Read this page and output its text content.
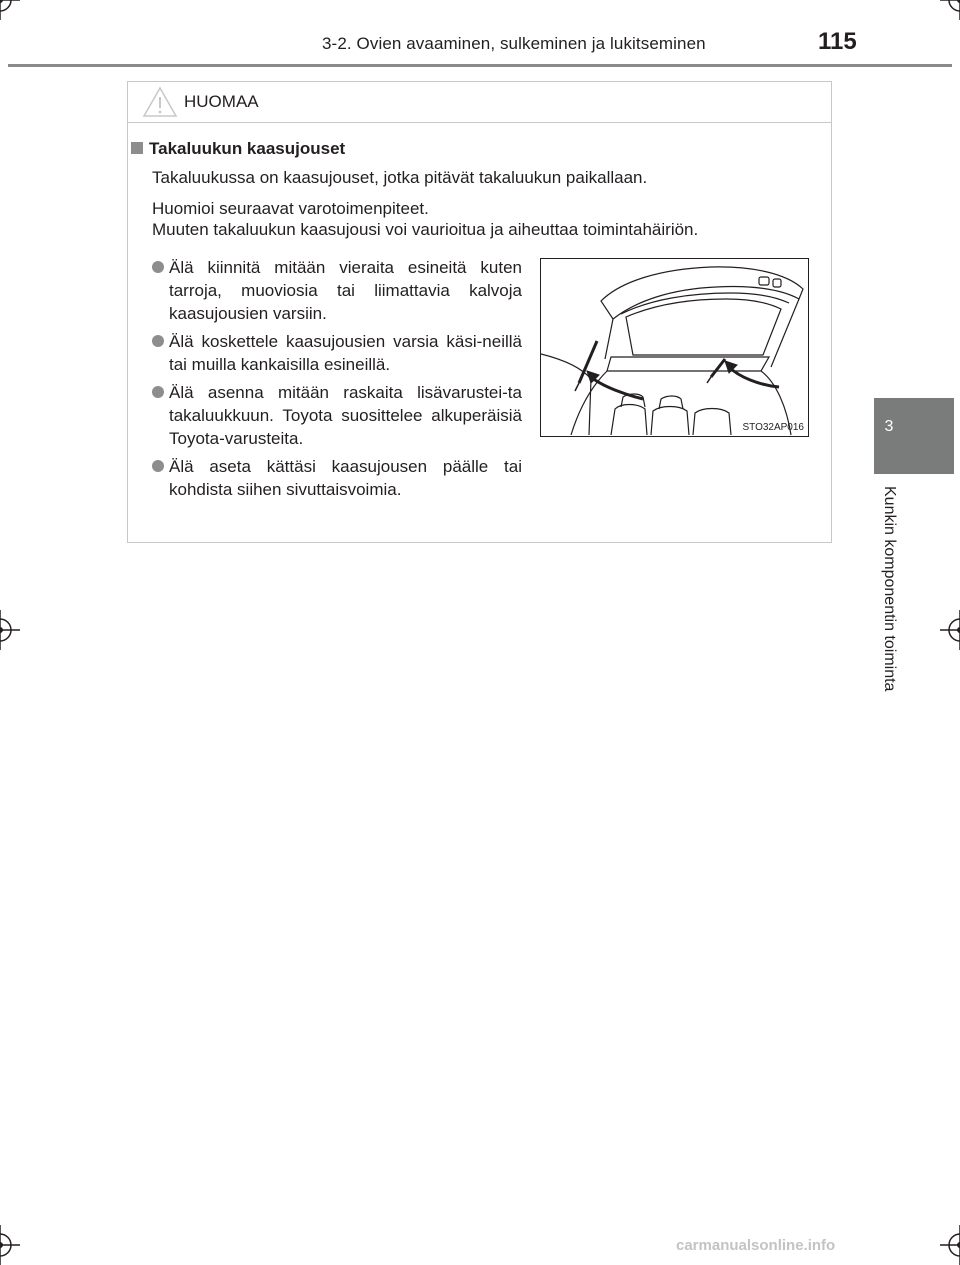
3-2. Ovien avaaminen, sulkeminen ja lukitseminen	115
3
Kunkin komponentin toiminta
HUOMAA
Takaluukun kaasujouset
Takaluukussa on kaasujouset, jotka pitävät takaluukun paikallaan.
Huomioi seuraavat varotoimenpiteet.
Muuten takaluukun kaasujousi voi vaurioitua ja aiheuttaa toimintahäiriön.
Älä kiinnitä mitään vieraita esineitä kuten tarroja, muoviosia tai liimattavia kalvoja kaasujousien varsiin.
Älä koskettele kaasujousien varsia käsi-neillä tai muilla kankaisilla esineillä.
Älä asenna mitään raskaita lisävarustei-ta takaluukkuun. Toyota suosittelee alkuperäisiä Toyota-varusteita.
Älä aseta kättäsi kaasujousen päälle tai kohdista siihen sivuttaisvoimia.
STO32AP016
carmanualsonline.info
